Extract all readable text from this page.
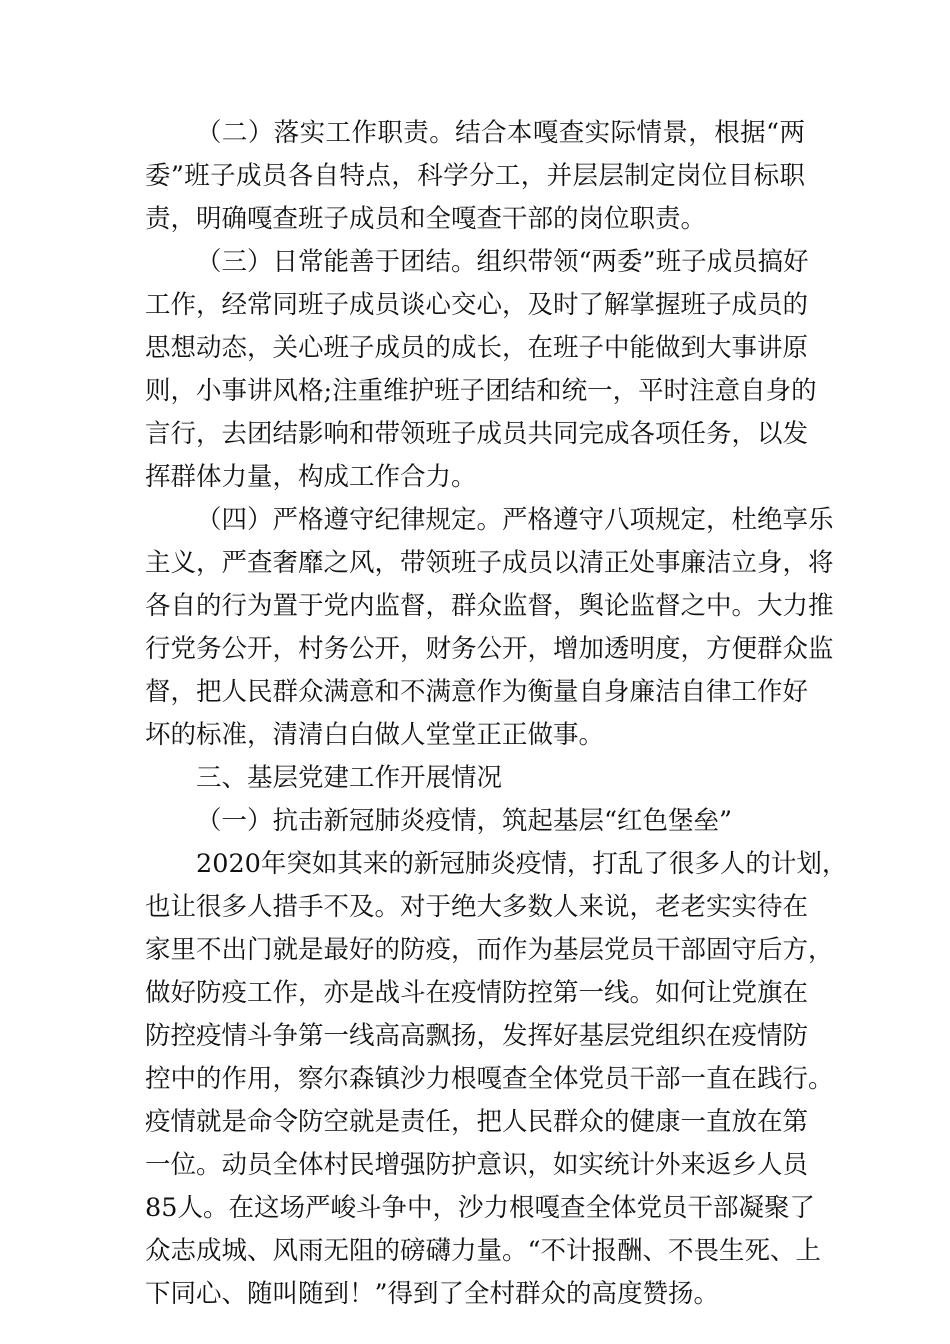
（二）落实工作职责。结合本嘎查实际情景，根据“两
委”班子成员各自特点，科学分工，并层层制定岗位目标职
责，明确嘎查班子成员和全嘎查干部的岗位职责。
（三）日常能善于团结。组织带领“两委”班子成员搞好
工作，经常同班子成员谈心交心，及时了解掌握班子成员的
思想动态，关心班子成员的成长，在班子中能做到大事讲原
则，小事讲风格;注重维护班子团结和统一，平时注意自身的
言行，去团结影响和带领班子成员共同完成各项任务，以发
挥群体力量，构成工作合力。
（四）严格遵守纪律规定。严格遵守八项规定，杜绝享乐
主义，严查奢靡之风，带领班子成员以清正处事廉洁立身，将
各自的行为置于党内监督，群众监督，舆论监督之中。大力推
行党务公开，村务公开，财务公开，增加透明度，方便群众监
督，把人民群众满意和不满意作为衡量自身廉洁自律工作好
坏的标准，清清白白做人堂堂正正做事。
三、基层党建工作开展情况
（一）抗击新冠肺炎疫情，筑起基层“红色堡垒”
2020年突如其来的新冠肺炎疫情，打乱了很多人的计划，
也让很多人措手不及。对于绝大多数人来说，老老实实待在
家里不出门就是最好的防疫，而作为基层党员干部固守后方，
做好防疫工作，亦是战斗在疫情防控第一线。如何让党旗在
防控疫情斗争第一线高高飘扬，发挥好基层党组织在疫情防
控中的作用，察尔森镇沙力根嘎查全体党员干部一直在践行。
疫情就是命令防空就是责任，把人民群众的健康一直放在第
一位。动员全体村民增强防护意识，如实统计外来返乡人员
85人。在这场严峻斗争中，沙力根嘎查全体党员干部凝聚了
众志成城、风雨无阻的磅礴力量。“不计报酬、不畏生死、上
下同心、随叫随到！”得到了全村群众的高度赞扬。
